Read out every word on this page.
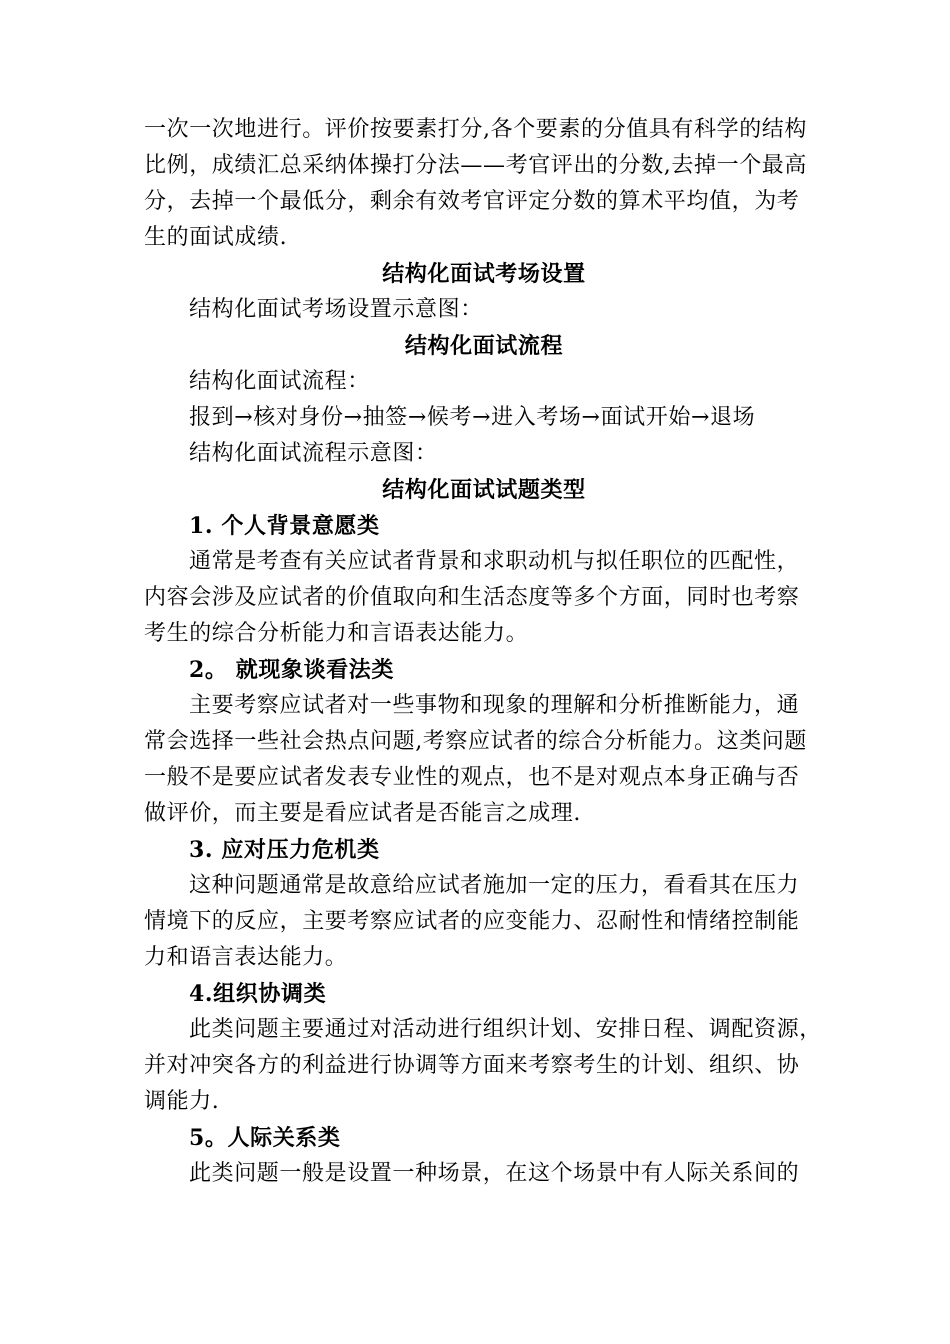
一次一次地进行。评价按要素打分,各个要素的分值具有科学的结构
比例，成绩汇总采纳体操打分法——考官评出的分数,去掉一个最高
分，去掉一个最低分，剩余有效考官评定分数的算术平均值，为考
生的面试成绩.
结构化面试考场设置
结构化面试考场设置示意图：
结构化面试流程
结构化面试流程：
报到→核对身份→抽签→候考→进入考场→面试开始→退场
结构化面试流程示意图：
结构化面试试题类型
1. 个人背景意愿类
通常是考查有关应试者背景和求职动机与拟任职位的匹配性，
内容会涉及应试者的价值取向和生活态度等多个方面，同时也考察
考生的综合分析能力和言语表达能力。
2。 就现象谈看法类
主要考察应试者对一些事物和现象的理解和分析推断能力，通
常会选择一些社会热点问题,考察应试者的综合分析能力。这类问题
一般不是要应试者发表专业性的观点，也不是对观点本身正确与否
做评价，而主要是看应试者是否能言之成理.
3. 应对压力危机类
这种问题通常是故意给应试者施加一定的压力，看看其在压力
情境下的反应，主要考察应试者的应变能力、忍耐性和情绪控制能
力和语言表达能力。
4.组织协调类
此类问题主要通过对活动进行组织计划、安排日程、调配资源，
并对冲突各方的利益进行协调等方面来考察考生的计划、组织、协
调能力.
5。人际关系类
此类问题一般是设置一种场景，在这个场景中有人际关系间的
